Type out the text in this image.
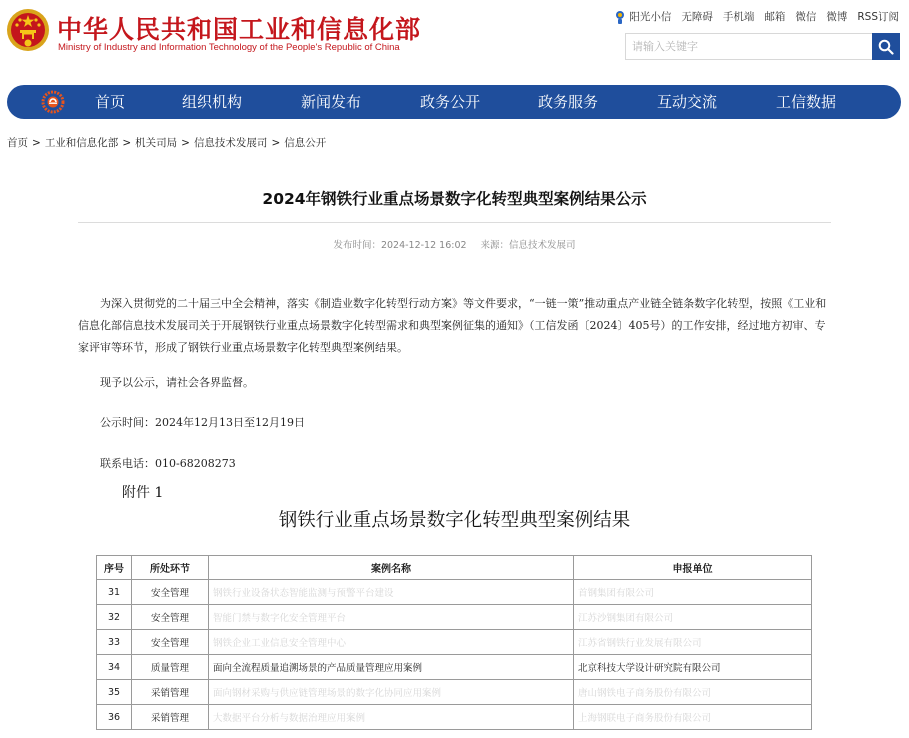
中华人民共和国工业和信息化部
Ministry of Industry and Information Technology of the People's Republic of China
阳光小信 无障碍 手机端 邮箱 微信 微博 RSS订阅
请输入关键字
首页	组织机构	新闻发布	政务公开	政务服务	互动交流	工信数据
首页 > 工业和信息化部 > 机关司局 > 信息技术发展司 > 信息公开
2024年钢铁行业重点场景数字化转型典型案例结果公示
发布时间：2024-12-12 16:02 来源：信息技术发展司

为深入贯彻党的二十届三中全会精神，落实《制造业数字化转型行动方案》等文件要求，“一链一策”推动重点产业链全链条数字化转型，按照《工业和信息化部信息技术发展司关于开展钢铁行业重点场景数字化转型需求和典型案例征集的通知》（工信发函〔2024〕405号）的工作安排，经过地方初审、专家评审等环节，形成了钢铁行业重点场景数字化转型典型案例结果。

现予以公示，请社会各界监督。

公示时间：2024年12月13日至12月19日

联系电话：010-68208273

附件 1
钢铁行业重点场景数字化转型典型案例结果
序号	所处环节	案例名称	申报单位
31	安全管理	钢铁行业设备状态智能监测与预警平台建设	首钢集团有限公司
32	安全管理	智能门禁与数字化安全管理平台	江苏沙钢集团有限公司
33	安全管理	钢铁企业工业信息安全管理中心	江苏省钢铁行业发展有限公司
34	质量管理	面向全流程质量追溯场景的产品质量管理应用案例	北京科技大学设计研究院有限公司
35	采销管理	面向钢材采购与供应链管理场景的数字化协同应用案例	唐山钢铁电子商务股份有限公司
36	采销管理	大数据平台分析与数据治理应用案例	上海钢联电子商务股份有限公司
